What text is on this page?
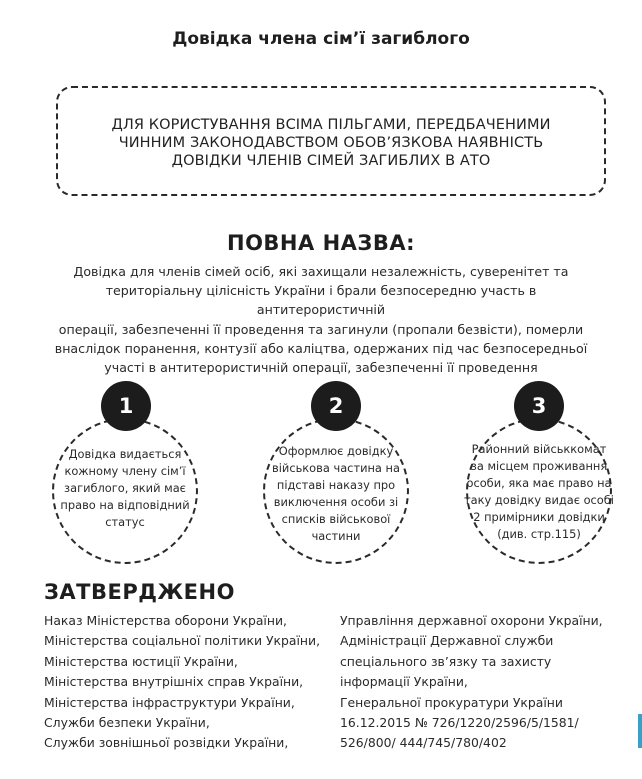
Довідка члена сім’ї загиблого
ДЛЯ КОРИСТУВАННЯ ВСІМА ПІЛЬГАМИ, ПЕРЕДБАЧЕНИМИ
ЧИННИМ ЗАКОНОДАВСТВОМ ОБОВ’ЯЗКОВА НАЯВНІСТЬ
ДОВІДКИ ЧЛЕНІВ СІМЕЙ ЗАГИБЛИХ В АТО
ПОВНА НАЗВА:
Довідка для членів сімей осіб, які захищали незалежність, суверенітет та
територіальну цілісність України і брали безпосередню участь в антитерористичній
операції, забезпеченні її проведення та загинули (пропали безвісти), померли
внаслідок поранення, контузії або каліцтва, одержаних під час безпосередньої
участі в антитерористичній операції, забезпеченні її проведення
1
Довідка видається
кожному члену сім’ї
загиблого, який має
право на відповідний
статус
2
Оформлює довідку
військова частина на
підставі наказу про
виключення особи зі
списків військової
частини
3
Районний військкомат
за місцем проживання
особи, яка має право на
таку довідку видає особі
2 примірники довідки
(див. стр.115)
ЗАТВЕРДЖЕНО
Наказ Міністерства оборони України,
Міністерства соціальної політики України,
Міністерства юстиції України,
Міністерства внутрішніх справ України,
Міністерства інфраструктури України,
Служби безпеки України,
Служби зовнішньої розвідки України,
Управління державної охорони України,
Адміністрації Державної служби
спеціального зв’язку та захисту
інформації України,
Генеральної прокуратури України
16.12.2015 № 726/1220/2596/5/1581/
526/800/ 444/745/780/402
